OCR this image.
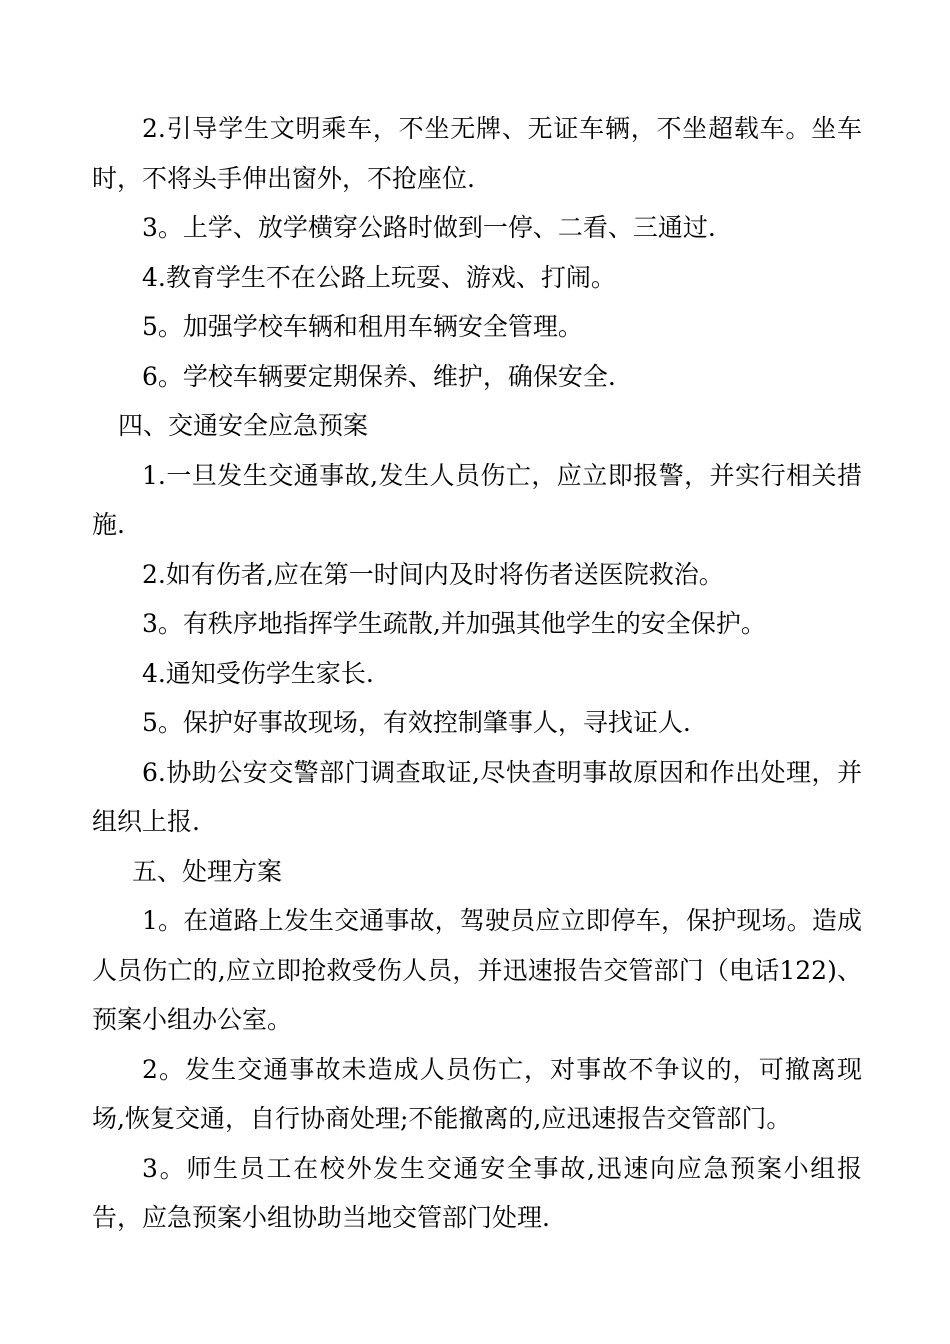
2.引导学生文明乘车，不坐无牌、无证车辆，不坐超载车。坐车时，不将头手伸出窗外，不抢座位.

3。上学、放学横穿公路时做到一停、二看、三通过.

4.教育学生不在公路上玩耍、游戏、打闹。

5。加强学校车辆和租用车辆安全管理。

6。学校车辆要定期保养、维护，确保安全.

四、交通安全应急预案

1.一旦发生交通事故,发生人员伤亡，应立即报警，并实行相关措施.

2.如有伤者,应在第一时间内及时将伤者送医院救治。

3。有秩序地指挥学生疏散,并加强其他学生的安全保护。

4.通知受伤学生家长.

5。保护好事故现场，有效控制肇事人，寻找证人.

6.协助公安交警部门调查取证,尽快查明事故原因和作出处理，并组织上报.

五、处理方案

1。在道路上发生交通事故，驾驶员应立即停车，保护现场。造成人员伤亡的,应立即抢救受伤人员，并迅速报告交管部门（电话122)、预案小组办公室。

2。发生交通事故未造成人员伤亡，对事故不争议的，可撤离现场,恢复交通，自行协商处理;不能撤离的,应迅速报告交管部门。

3。师生员工在校外发生交通安全事故,迅速向应急预案小组报告，应急预案小组协助当地交管部门处理.
